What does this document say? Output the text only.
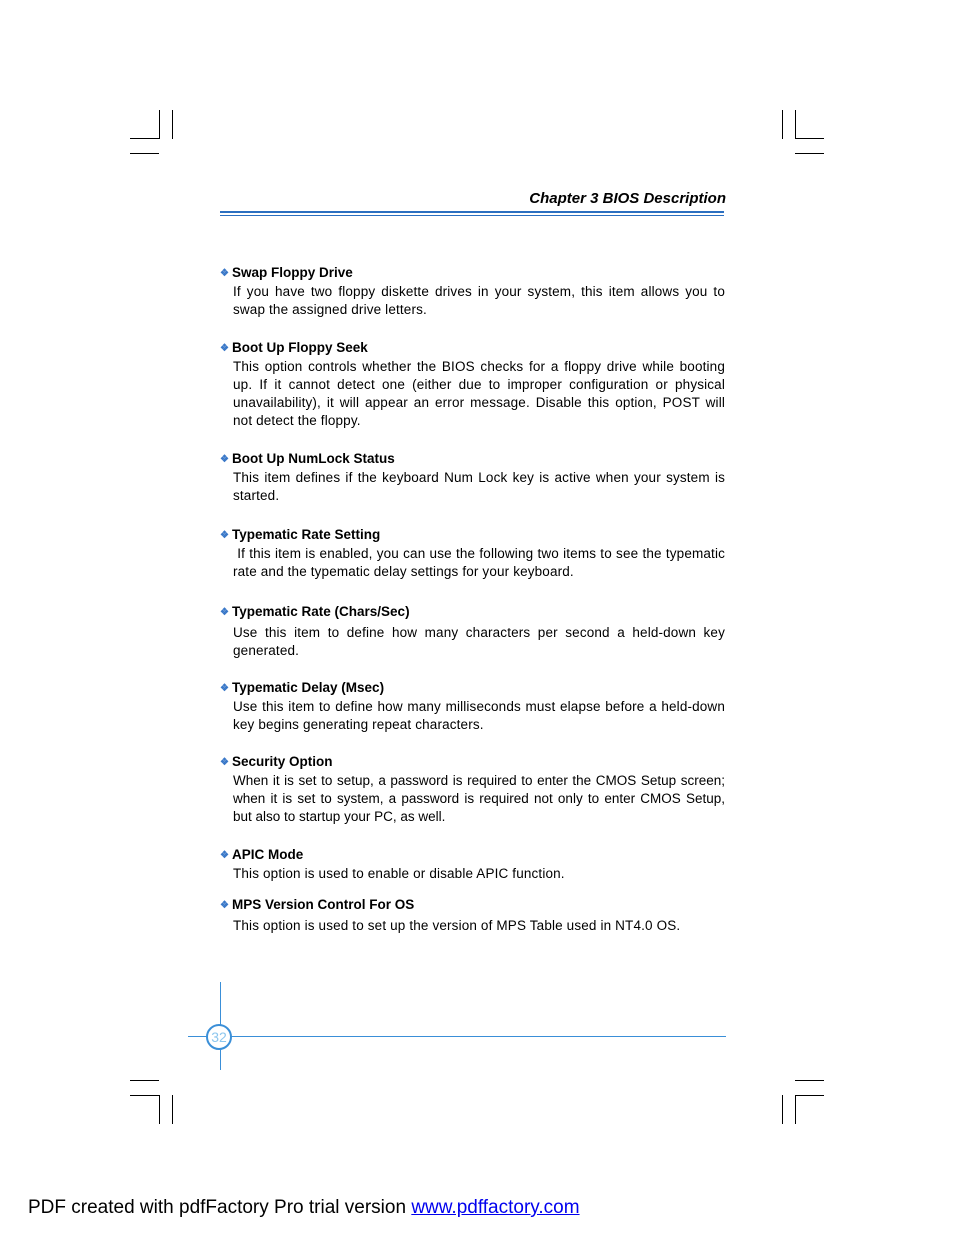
Chapter 3 BIOS Description
❖ Swap Floppy Drive
If you have two floppy diskette drives in your system, this item allows you to swap the assigned drive letters.
❖ Boot Up Floppy Seek
This option controls whether the BIOS checks for a floppy drive while booting up. If it cannot detect one (either due to improper configuration or physical unavailability), it will appear an error message. Disable this option, POST will not detect the floppy.
❖ Boot Up NumLock Status
This item defines if the keyboard Num Lock key is active when your system is started.
❖ Typematic Rate Setting
If this item is enabled, you can use the following two items to see the typematic rate and the typematic delay settings for your keyboard.
❖ Typematic Rate (Chars/Sec)
Use this item to define how many characters per second a held-down key generated.
❖ Typematic Delay (Msec)
Use this item to define how many milliseconds must elapse before a held-down key begins generating repeat characters.
❖ Security Option
When it is set to setup, a password is required to enter the CMOS Setup screen; when it is set to system, a password is required not only to enter CMOS Setup, but also to startup your PC, as well.
❖ APIC Mode
This option is used to enable or disable APIC function.
❖ MPS Version Control For OS
This option is used to set up the version of MPS Table used in NT4.0 OS.
32
PDF created with pdfFactory Pro trial version www.pdffactory.com
